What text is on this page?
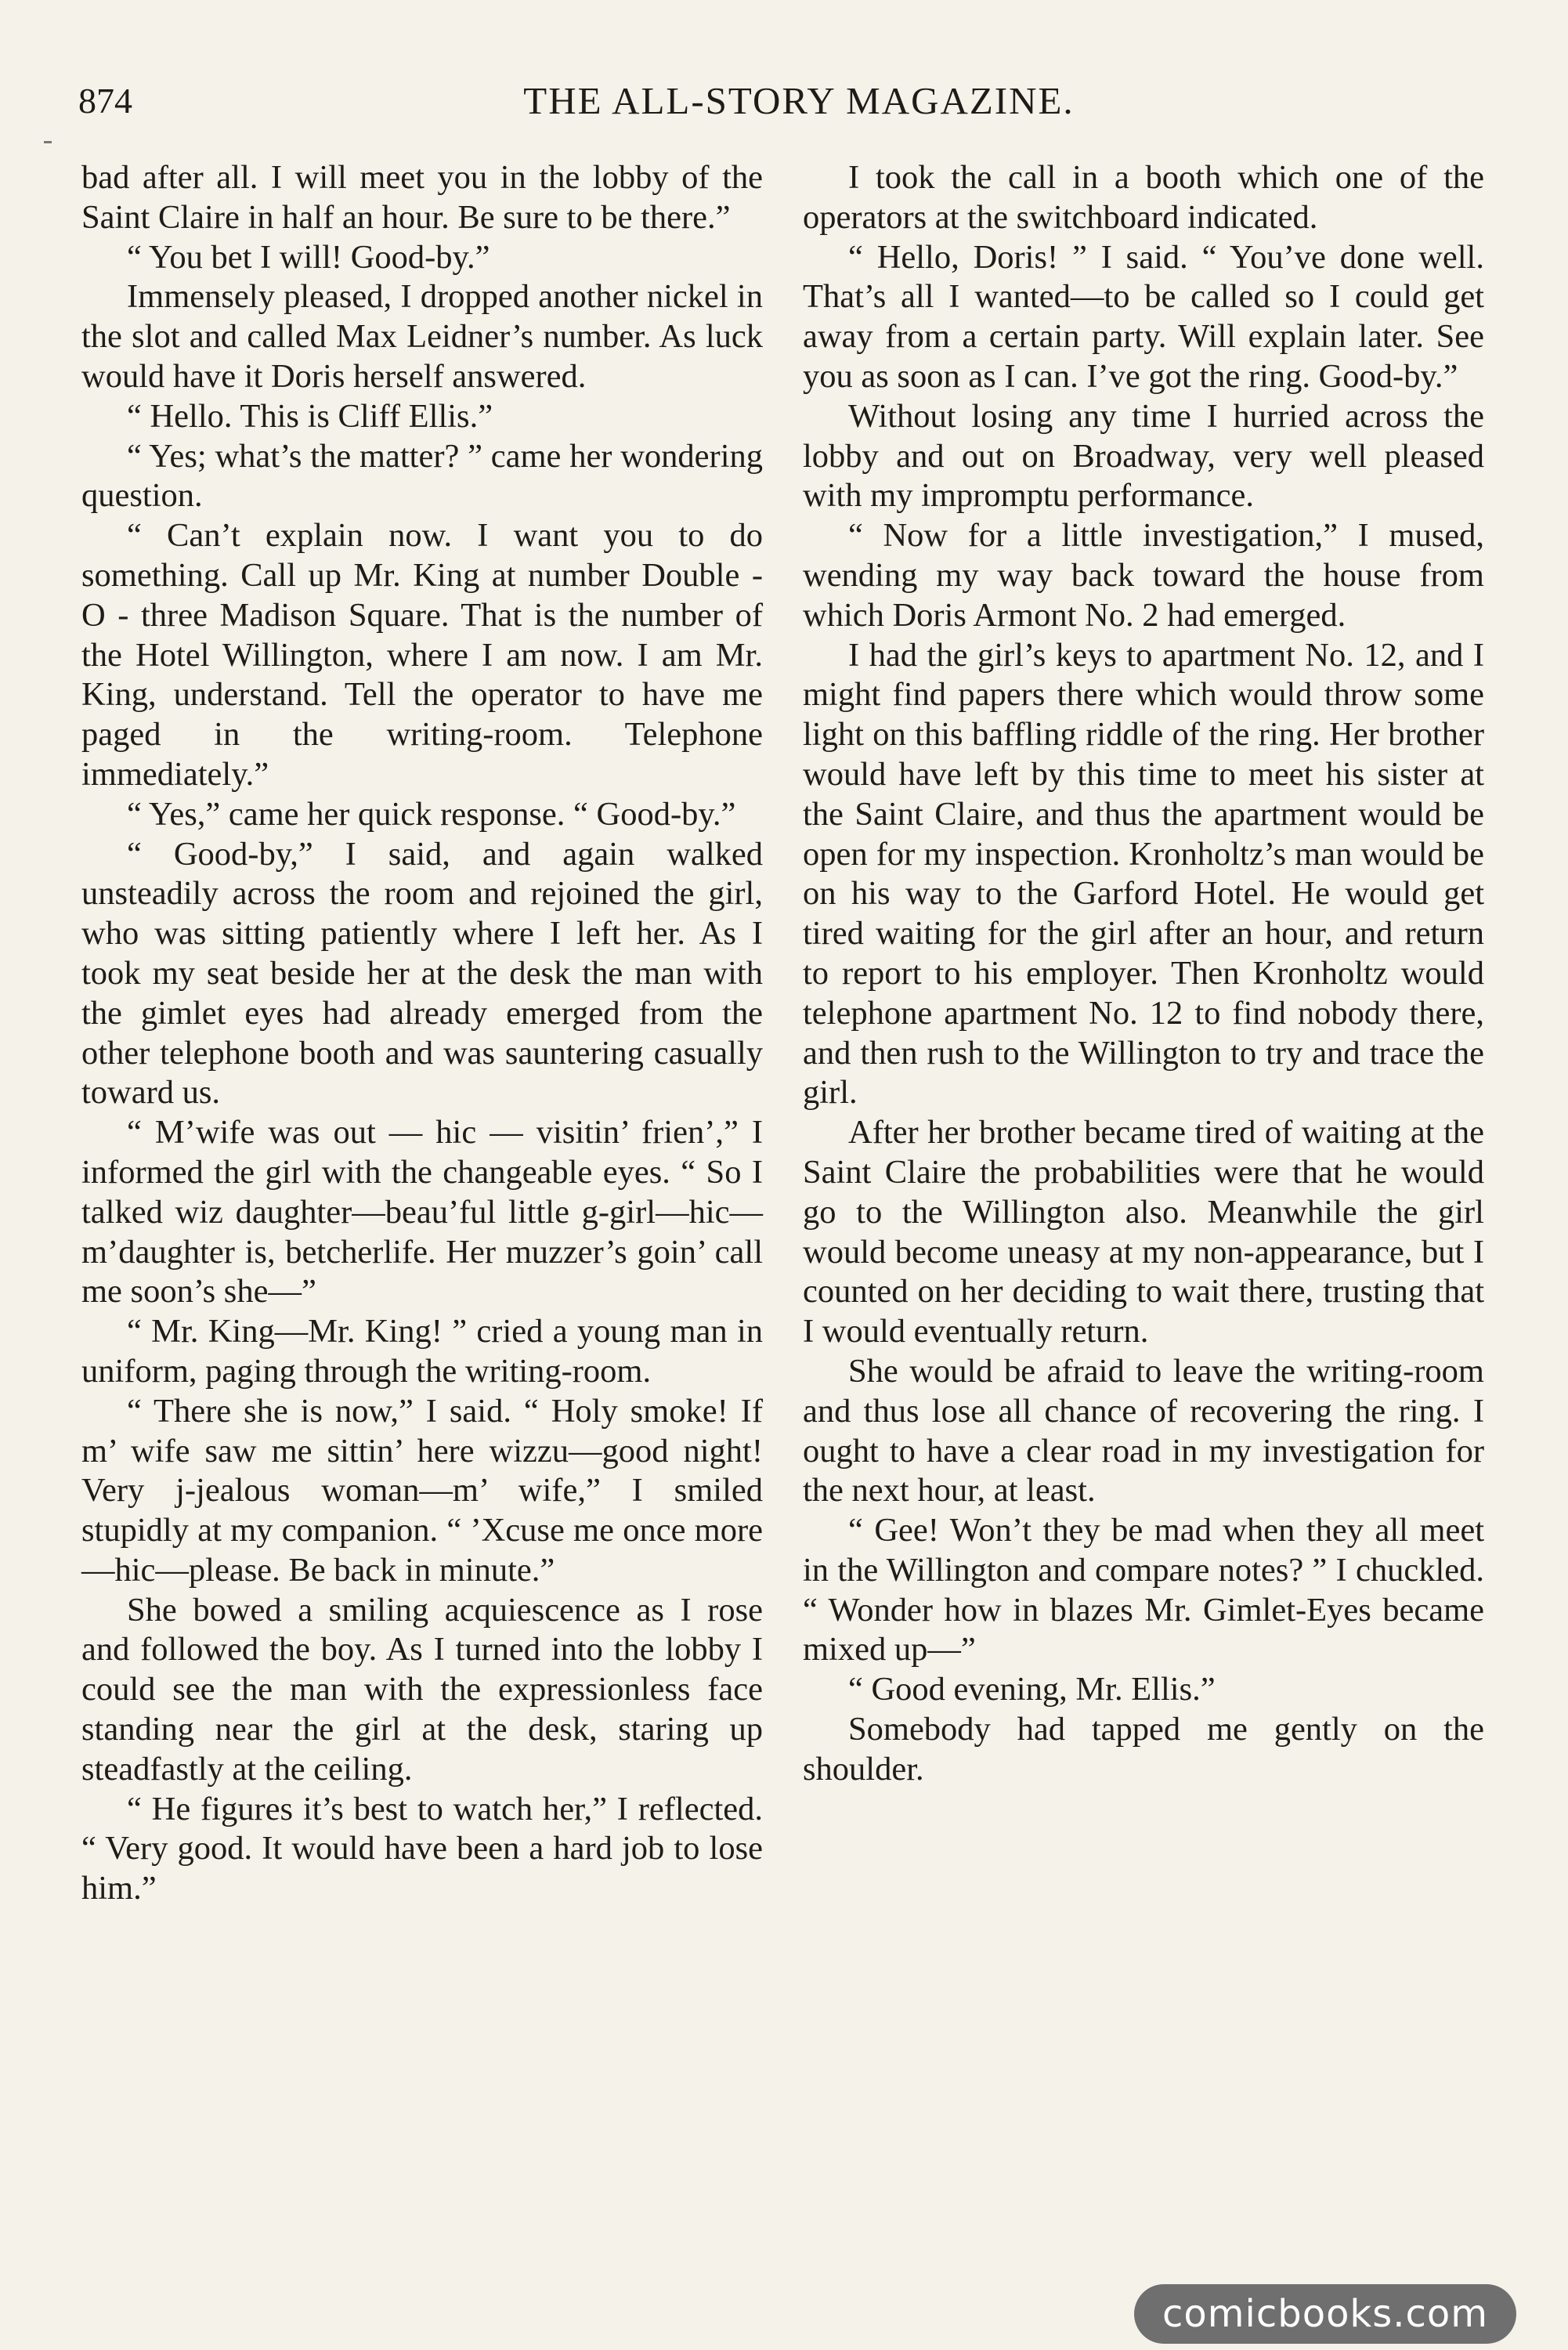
874	THE ALL-STORY MAGAZINE.

bad after all. I will meet you in the lobby of the Saint Claire in half an hour. Be sure to be there.”

“ You bet I will! Good-by.”

Immensely pleased, I dropped another nickel in the slot and called Max Leidner’s number. As luck would have it Doris herself answered.

“ Hello. This is Cliff Ellis.”

“ Yes; what’s the matter? ” came her wondering question.

“ Can’t explain now. I want you to do something. Call up Mr. King at number Double - O - three Madison Square. That is the number of the Hotel Willington, where I am now. I am Mr. King, understand. Tell the operator to have me paged in the writing-room. Telephone immediately.”

“ Yes,” came her quick response. “ Good-by.”

“ Good-by,” I said, and again walked unsteadily across the room and rejoined the girl, who was sitting patiently where I left her. As I took my seat beside her at the desk the man with the gimlet eyes had already emerged from the other telephone booth and was sauntering casually toward us.

“ M’wife was out — hic — visitin’ frien’,” I informed the girl with the changeable eyes. “ So I talked wiz daughter—beau’ful little g-girl—hic—m’daughter is, betcherlife. Her muzzer’s goin’ call me soon’s she—”

“ Mr. King—Mr. King! ” cried a young man in uniform, paging through the writing-room.

“ There she is now,” I said. “ Holy smoke! If m’ wife saw me sittin’ here wizzu—good night! Very j-jealous woman—m’ wife,” I smiled stupidly at my companion. “ ’Xcuse me once more —hic—please. Be back in minute.”

She bowed a smiling acquiescence as I rose and followed the boy. As I turned into the lobby I could see the man with the expressionless face standing near the girl at the desk, staring up steadfastly at the ceiling.

“ He figures it’s best to watch her,” I reflected. “ Very good. It would have been a hard job to lose him.”

I took the call in a booth which one of the operators at the switchboard indicated.

“ Hello, Doris! ” I said. “ You’ve done well. That’s all I wanted—to be called so I could get away from a certain party. Will explain later. See you as soon as I can. I’ve got the ring. Good-by.”

Without losing any time I hurried across the lobby and out on Broadway, very well pleased with my impromptu performance.

“ Now for a little investigation,” I mused, wending my way back toward the house from which Doris Armont No. 2 had emerged.

I had the girl’s keys to apartment No. 12, and I might find papers there which would throw some light on this baffling riddle of the ring. Her brother would have left by this time to meet his sister at the Saint Claire, and thus the apartment would be open for my inspection. Kronholtz’s man would be on his way to the Garford Hotel. He would get tired waiting for the girl after an hour, and return to report to his employer. Then Kronholtz would telephone apartment No. 12 to find nobody there, and then rush to the Willington to try and trace the girl.

After her brother became tired of waiting at the Saint Claire the probabilities were that he would go to the Willington also. Meanwhile the girl would become uneasy at my non-appearance, but I counted on her deciding to wait there, trusting that I would eventually return.

She would be afraid to leave the writing-room and thus lose all chance of recovering the ring. I ought to have a clear road in my investigation for the next hour, at least.

“ Gee! Won’t they be mad when they all meet in the Willington and compare notes? ” I chuckled. “ Wonder how in blazes Mr. Gimlet-Eyes became mixed up—”

“ Good evening, Mr. Ellis.”

Somebody had tapped me gently on the shoulder.

comicbooks.com
